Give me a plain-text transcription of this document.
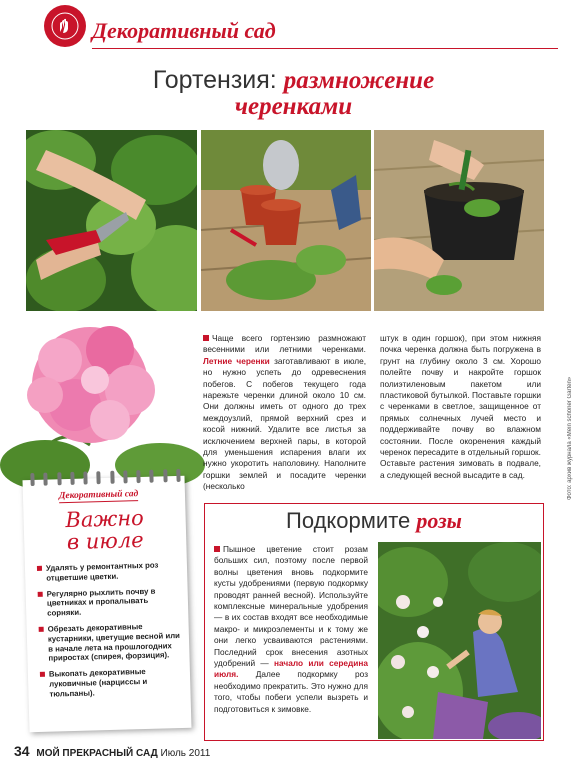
Декоративный сад
Гортензия: размножение
черенками

Чаще всего гортензию размножают весенними или летними черенками. Летние черенки заготавливают в июле, но нужно успеть до одревеснения побегов. С побегов текущего года нарежьте черенки длиной около 10 см. Они должны иметь от одного до трех междоузлий, прямой верхний срез и косой нижний. Удалите все листья за исключением верхней пары, в которой для уменьшения испарения влаги их нужно укоротить наполовину. Наполните горшки землей и посадите черенки (несколько

штук в один горшок), при этом нижняя почка черенка должна быть погружена в грунт на глубину около 3 см. Хорошо полейте почву и накройте горшок полиэтиленовым пакетом или пластиковой бутылкой. Поставьте горшки с черенками в светлое, защищенное от прямых солнечных лучей место и поддерживайте почву во влажном состоянии. После окоренения каждый черенок пересадите в отдельный горшок. Оставьте растения зимовать в подвале, а следующей весной высадите в сад.	Фото: архив журнала «Mein schöner Garten»
Декоративный сад
Важно
в июле
Удалять у ремонтантных роз отцветшие цветки.
Регулярно рыхлить почву в цветниках и пропалывать сорняки.
Обрезать декоративные кустарники, цветущие весной или в начале лета на прошлогодних приростах (спирея, форзиция).
Выкопать декоративные луковичные (нарциссы и тюльпаны).
Подкормите розы

Пышное цветение стоит розам больших сил, поэтому после первой волны цветения вновь подкормите кусты удобрениями (первую подкормку проводят ранней весной). Используйте комплексные минеральные удобрения — в их состав входят все необходимые макро- и микроэлементы и к тому же они легко усваиваются растениями. Последний срок внесения азотных удобрений — начало или середина июля. Далее подкормку роз необходимо прекратить. Это нужно для того, чтобы побеги успели вызреть и подготовиться к зимовке.

34 МОЙ ПРЕКРАСНЫЙ САД Июль 2011
